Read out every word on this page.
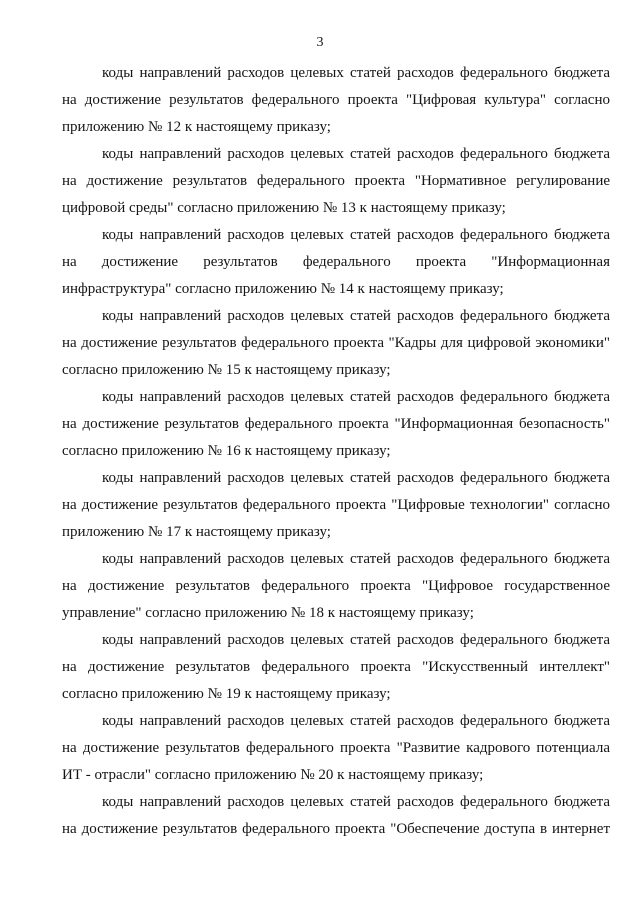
3
коды направлений расходов целевых статей расходов федерального бюджета
на достижение результатов федерального проекта "Цифровая культура" согласно
приложению № 12 к настоящему приказу;
коды направлений расходов целевых статей расходов федерального бюджета
на достижение результатов федерального проекта "Нормативное регулирование
цифровой среды" согласно приложению № 13 к настоящему приказу;
коды направлений расходов целевых статей расходов федерального бюджета
на достижение результатов федерального проекта "Информационная
инфраструктура" согласно приложению № 14 к настоящему приказу;
коды направлений расходов целевых статей расходов федерального бюджета
на достижение результатов федерального проекта "Кадры для цифровой экономики"
согласно приложению № 15 к настоящему приказу;
коды направлений расходов целевых статей расходов федерального бюджета
на достижение результатов федерального проекта "Информационная безопасность"
согласно приложению № 16 к настоящему приказу;
коды направлений расходов целевых статей расходов федерального бюджета
на достижение результатов федерального проекта "Цифровые технологии" согласно
приложению № 17 к настоящему приказу;
коды направлений расходов целевых статей расходов федерального бюджета
на достижение результатов федерального проекта "Цифровое государственное
управление" согласно приложению № 18 к настоящему приказу;
коды направлений расходов целевых статей расходов федерального бюджета
на достижение результатов федерального проекта "Искусственный интеллект"
согласно приложению № 19 к настоящему приказу;
коды направлений расходов целевых статей расходов федерального бюджета
на достижение результатов федерального проекта "Развитие кадрового потенциала
ИТ - отрасли" согласно приложению № 20 к настоящему приказу;
коды направлений расходов целевых статей расходов федерального бюджета
на достижение результатов федерального проекта "Обеспечение доступа в интернет
